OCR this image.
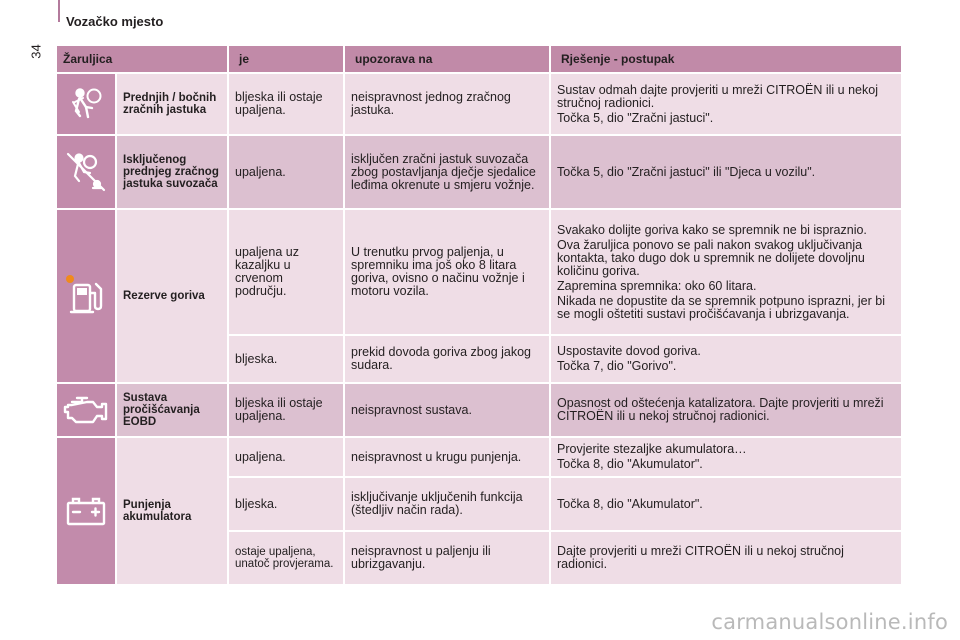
34
Vozačko mjesto
Žaruljica		je	upozorava na	Rješenje - postupak
	Prednjih / bočnih zračnih jastuka	bljeska ili ostaje upaljena.	neispravnost jednog zračnog jastuka.	Sustav odmah dajte provjeriti u mreži CITROËN ili u nekoj stručnoj radionici.

Točka 5, dio "Zračni jastuci".

	Isključenog prednjeg zračnog jastuka suvozača	upaljena.	isključen zračni jastuk suvozača zbog postavljanja dječje sjedalice leđima okrenute u smjeru vožnje.	Točka 5, dio "Zračni jastuci" ili "Djeca u vozilu".

	Rezerve goriva	upaljena uz kazaljku u crvenom području.	U trenutku prvog paljenja, u spremniku ima još oko 8 litara goriva, ovisno o načinu vožnje i motoru vozila.	Svakako dolijte goriva kako se spremnik ne bi ispraznio.

Ova žaruljica ponovo se pali nakon svakog uključivanja kontakta, tako dugo dok u spremnik ne dolijete dovoljnu količinu goriva.

Zapremina spremnika: oko 60 litara.

Nikada ne dopustite da se spremnik potpuno isprazni, jer bi se mogli oštetiti sustavi pročišćavanja i ubrizgavanja.

		bljeska.	prekid dovoda goriva zbog jakog sudara.	Uspostavite dovod goriva.

Točka 7, dio "Gorivo".

	Sustava pročišćavanja EOBD	bljeska ili ostaje upaljena.	neispravnost sustava.	Opasnost od oštećenja katalizatora. Dajte provjeriti u mreži CITROËN ili u nekoj stručnoj radionici.

	Punjenja akumulatora	upaljena.	neispravnost u krugu punjenja.	Provjerite stezaljke akumulatora…

Točka 8, dio "Akumulator".

		bljeska.	isključivanje uključenih funkcija (štedljiv način rada).	Točka 8, dio "Akumulator".

		ostaje upaljena, unatoč provjerama.	neispravnost u paljenju ili ubrizgavanju.	Dajte provjeriti u mreži CITROËN ili u nekoj stručnoj radionici.

carmanualsonline.info
